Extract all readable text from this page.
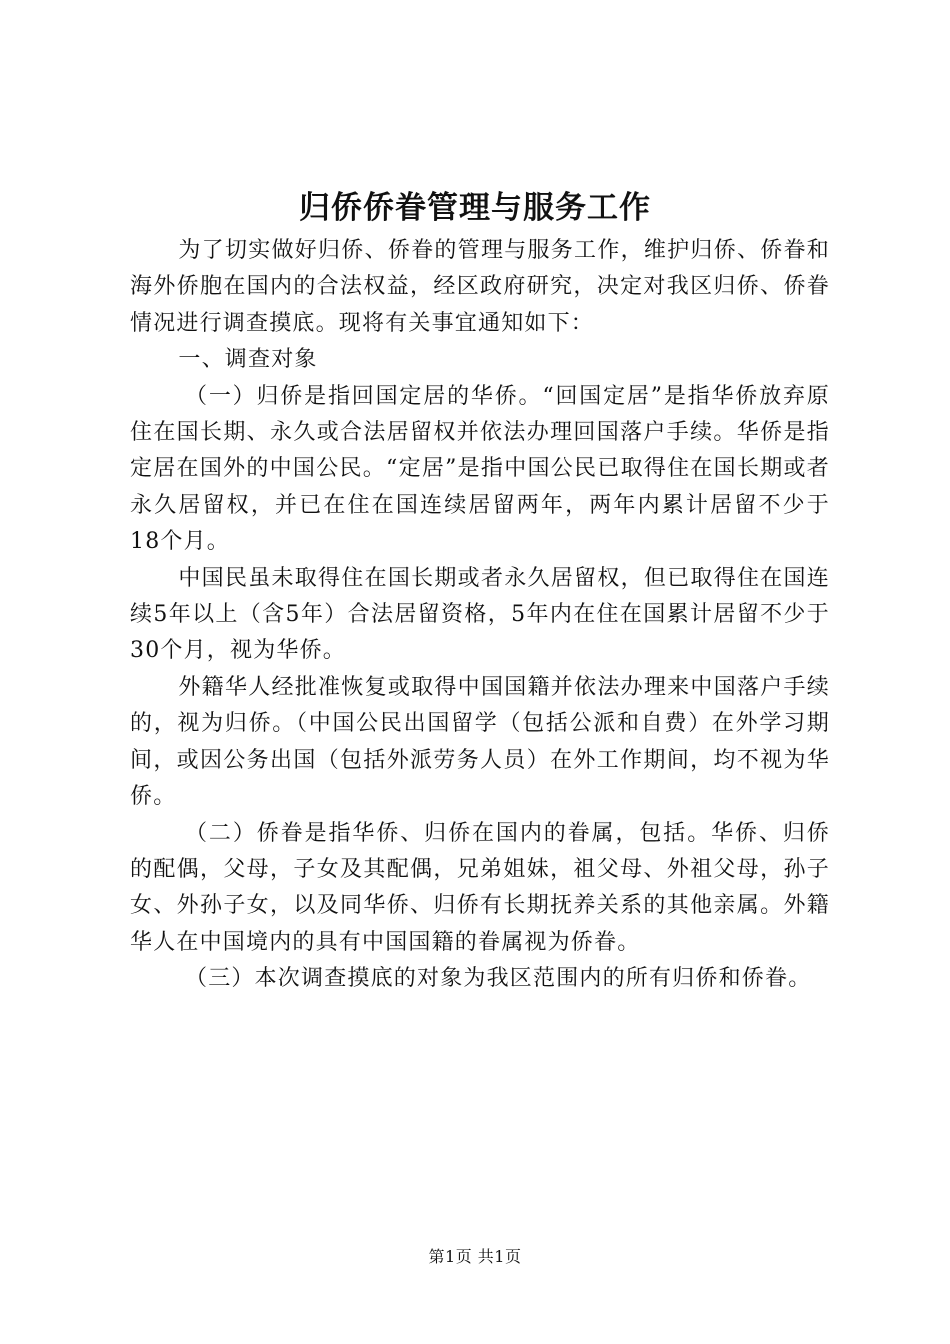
归侨侨眷管理与服务工作

为了切实做好归侨、侨眷的管理与服务工作，维护归侨、侨眷和海外侨胞在国内的合法权益，经区政府研究，决定对我区归侨、侨眷情况进行调查摸底。现将有关事宜通知如下：

一、调查对象

（一）归侨是指回国定居的华侨。“回国定居”是指华侨放弃原住在国长期、永久或合法居留权并依法办理回国落户手续。华侨是指定居在国外的中国公民。“定居”是指中国公民已取得住在国长期或者永久居留权，并已在住在国连续居留两年，两年内累计居留不少于18个月。

中国民虽未取得住在国长期或者永久居留权，但已取得住在国连续5年以上（含5年）合法居留资格，5年内在住在国累计居留不少于30个月，视为华侨。

外籍华人经批准恢复或取得中国国籍并依法办理来中国落户手续的，视为归侨。（中国公民出国留学（包括公派和自费）在外学习期间，或因公务出国（包括外派劳务人员）在外工作期间，均不视为华侨。

（二）侨眷是指华侨、归侨在国内的眷属，包括。华侨、归侨的配偶，父母，子女及其配偶，兄弟姐妹，祖父母、外祖父母，孙子女、外孙子女，以及同华侨、归侨有长期抚养关系的其他亲属。外籍华人在中国境内的具有中国国籍的眷属视为侨眷。

（三）本次调查摸底的对象为我区范围内的所有归侨和侨眷。

第1页 共1页
